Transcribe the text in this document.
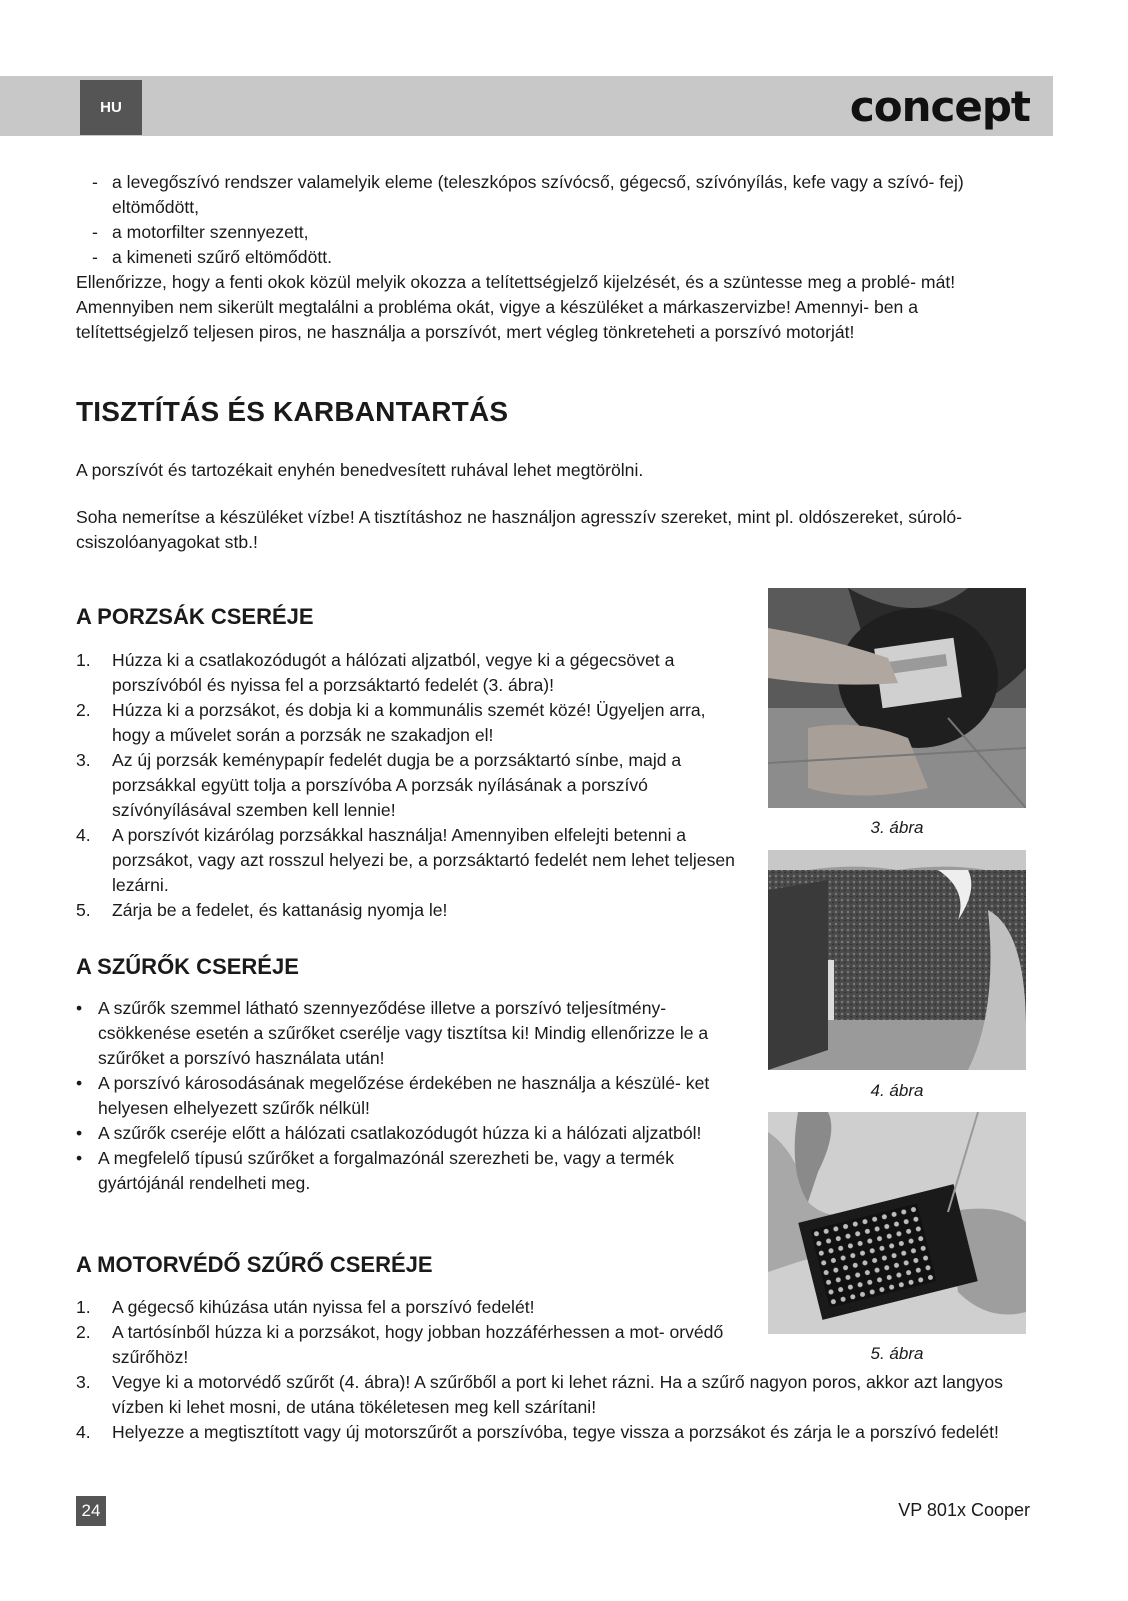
HU	concept
- a levegőszívó rendszer valamelyik eleme (teleszkópos szívócső, gégecső, szívónyílás, kefe vagy a szívó- fej) eltömődött,
- a motorfilter szennyezett,
- a kimeneti szűrő eltömődött.
Ellenőrizze, hogy a fenti okok közül melyik okozza a telítettségjelző kijelzését, és a szüntesse meg a problé- mát! Amennyiben nem sikerült megtalálni a probléma okát, vigye a készüléket a márkaszervizbe! Amennyi- ben a telítettségjelző teljesen piros, ne használja a porszívót, mert végleg tönkreteheti a porszívó motorját!
TISZTÍTÁS ÉS KARBANTARTÁS
A porszívót és tartozékait enyhén benedvesített ruhával lehet megtörölni.
Soha nemerítse a készüléket vízbe! A tisztításhoz ne használjon agresszív szereket, mint pl. oldószereket, súroló- csiszolóanyagokat stb.!
A PORZSÁK CSERÉJE
1. Húzza ki a csatlakozódugót a hálózati aljzatból, vegye ki a gégecsövet a porszívóból és nyissa fel a porzsáktartó fedelét (3. ábra)!
2. Húzza ki a porzsákot, és dobja ki a kommunális szemét közé! Ügyeljen arra, hogy a művelet során a porzsák ne szakadjon el!
3. Az új porzsák keménypapír fedelét dugja be a porzsáktartó sínbe, majd a porzsákkal együtt tolja a porszívóba A porzsák nyílásának a porszívó szívónyílásával szemben kell lennie!
4. A porszívót kizárólag porzsákkal használja! Amennyiben elfelejti betenni a porzsákot, vagy azt rosszul helyezi be, a porzsáktartó fedelét nem lehet teljesen lezárni.
5. Zárja be a fedelet, és kattanásig nyomja le!
A SZŰRŐK CSERÉJE
• A szűrők szemmel látható szennyeződése illetve a porszívó teljesítmény- csökkenése esetén a szűrőket cserélje vagy tisztítsa ki! Mindig ellenőrizze le a szűrőket a porszívó használata után!
• A porszívó károsodásának megelőzése érdekében ne használja a készülé- ket helyesen elhelyezett szűrők nélkül!
• A szűrők cseréje előtt a hálózati csatlakozódugót húzza ki a hálózati aljzatból!
• A megfelelő típusú szűrőket a forgalmazónál szerezheti be, vagy a termék gyártójánál rendelheti meg.
A MOTORVÉDŐ SZŰRŐ CSERÉJE
1. A gégecső kihúzása után nyissa fel a porszívó fedelét!
2. A tartósínből húzza ki a porzsákot, hogy jobban hozzáférhessen a mot- orvédő szűrőhöz!
3. Vegye ki a motorvédő szűrőt (4. ábra)! A szűrőből a port ki lehet rázni. Ha a szűrő nagyon poros, akkor azt langyos vízben ki lehet mosni, de utána tökéletesen meg kell szárítani!
4. Helyezze a megtisztított vagy új motorszűrőt a porszívóba, tegye vissza a porzsákot és zárja le a porszívó fedelét!
3. ábra
4. ábra
5. ábra
24	VP 801x Cooper
